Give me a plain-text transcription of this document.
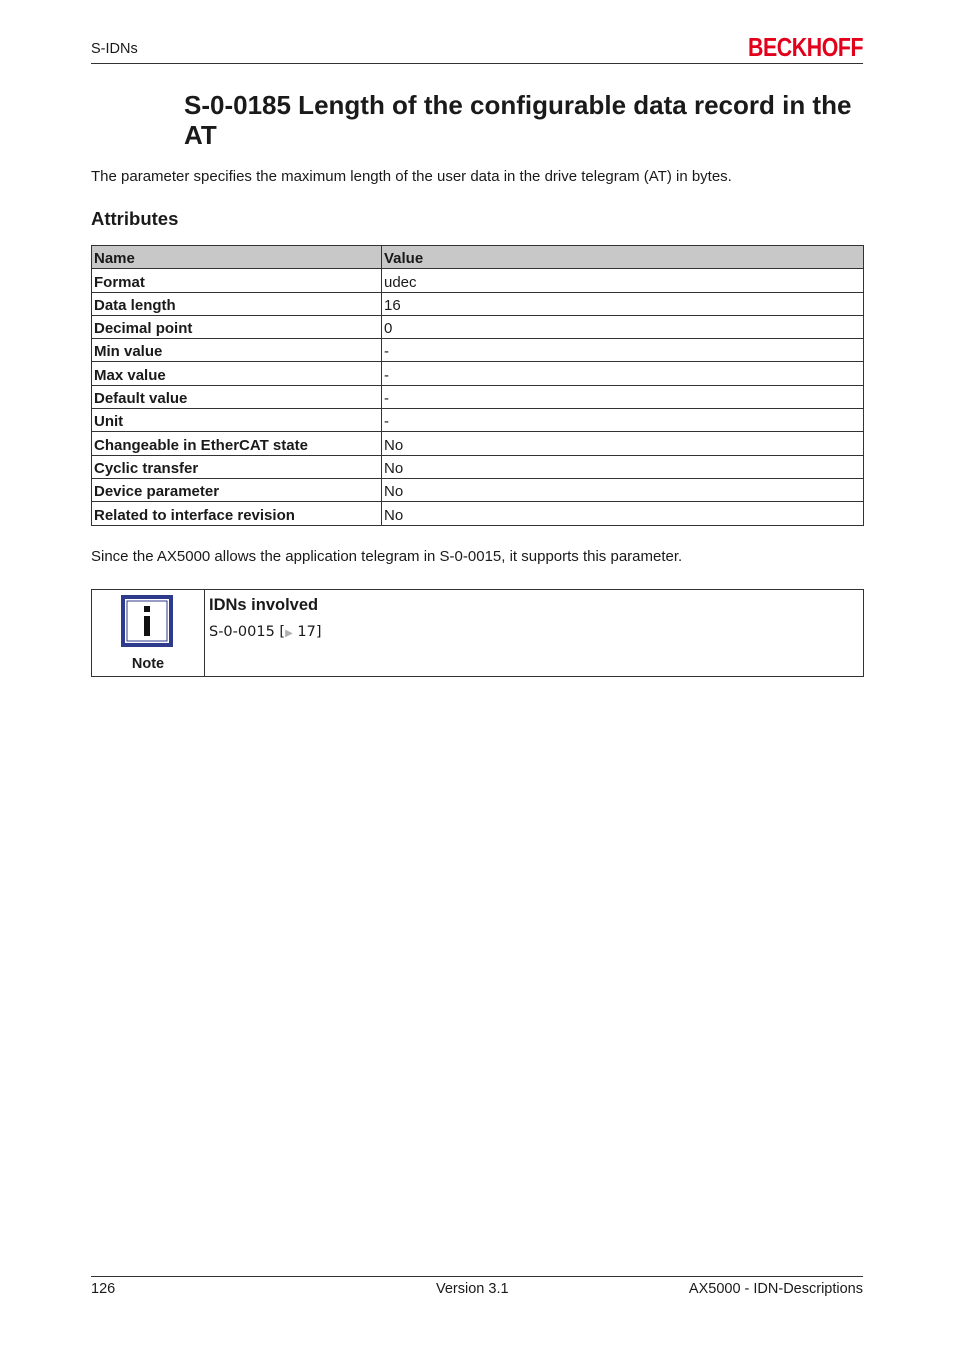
S-IDNs	BECKHOFF
S-0-0185 Length of the configurable data record in the AT

The parameter specifies the maximum length of the user data in the drive telegram (AT) in bytes.

Attributes
Name	Value
Format	udec
Data length	16
Decimal point	0
Min value	-
Max value	-
Default value	-
Unit	-
Changeable in EtherCAT state	No
Cyclic transfer	No
Device parameter	No
Related to interface revision	No

Since the AX5000 allows the application telegram in S-0-0015, it supports this parameter.

Note
IDNs involved
S-0-0015 [▶ 17]
126	Version 3.1	AX5000 - IDN-Descriptions
